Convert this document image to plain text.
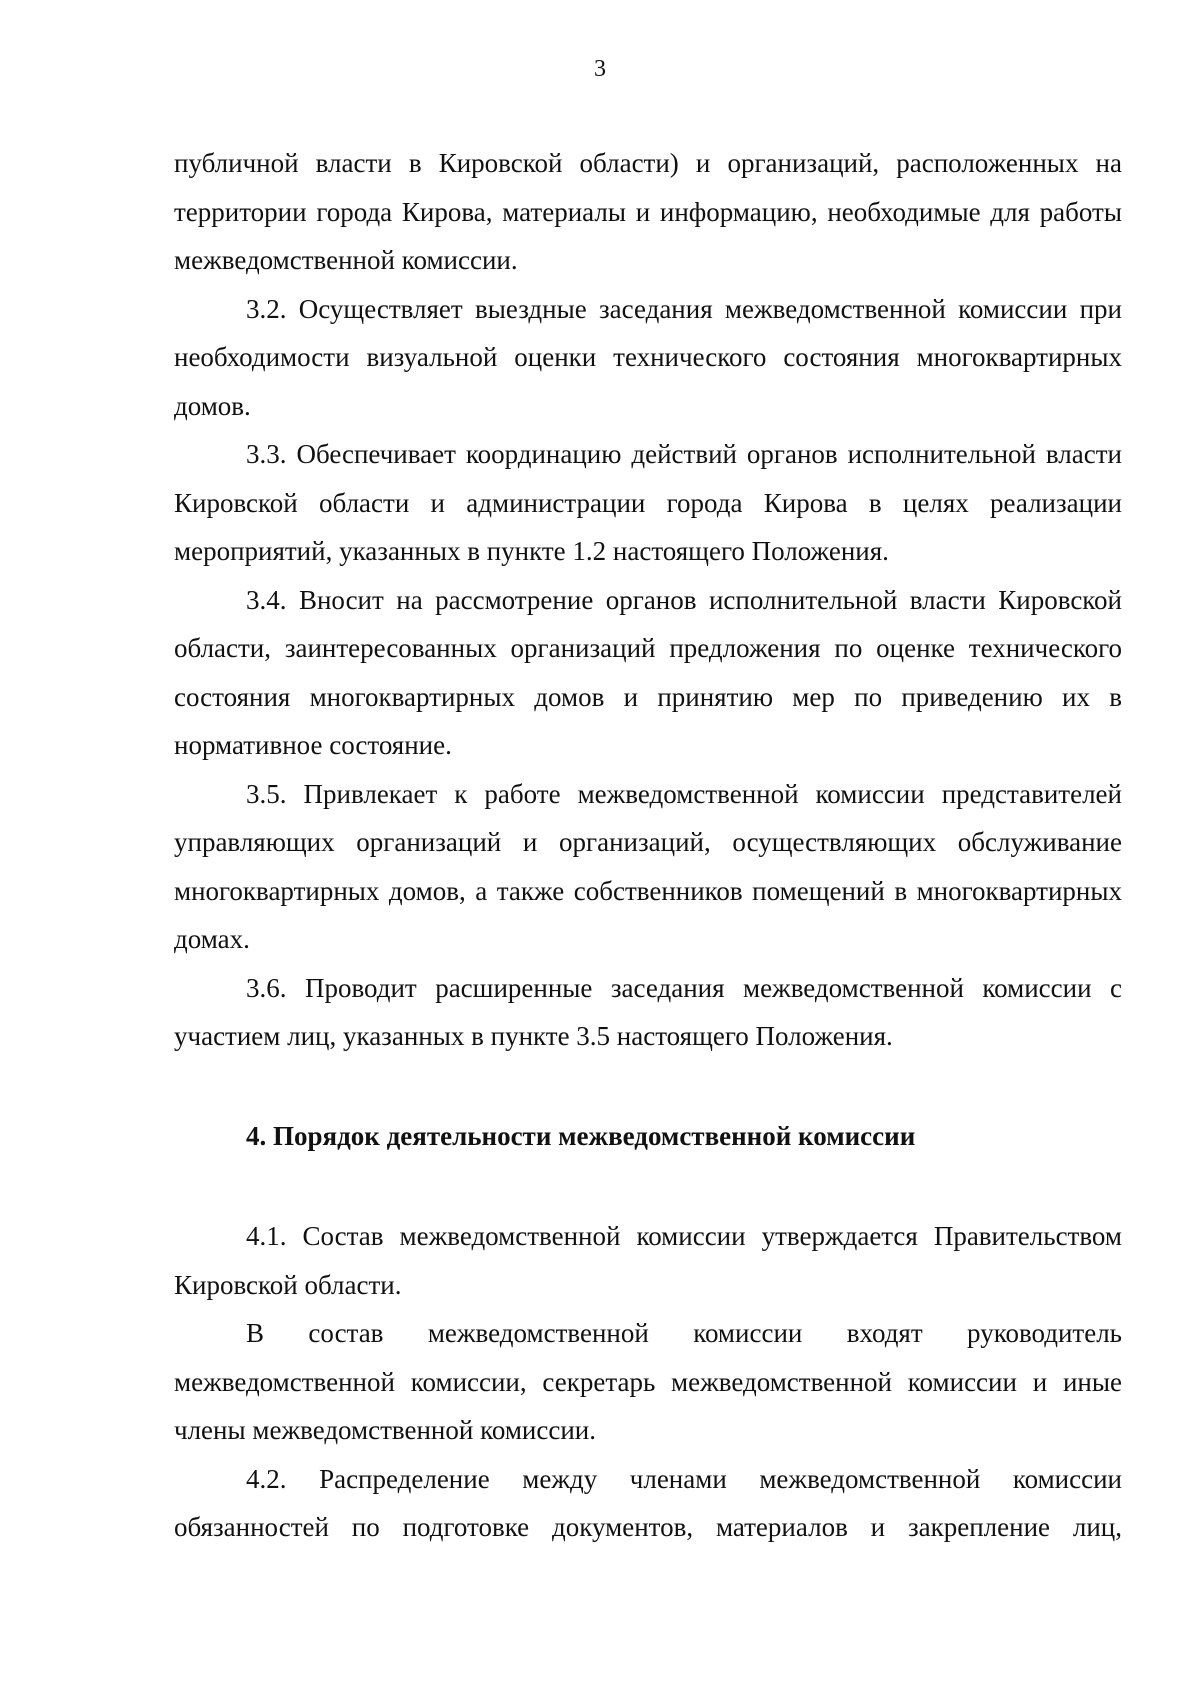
3

публичной власти в Кировской области) и организаций, расположенных на территории города Кирова, материалы и информацию, необходимые для работы межведомственной комиссии.

3.2. Осуществляет выездные заседания межведомственной комиссии при необходимости визуальной оценки технического состояния многоквартирных домов.

3.3. Обеспечивает координацию действий органов исполнительной власти Кировской области и администрации города Кирова в целях реализации мероприятий, указанных в пункте 1.2 настоящего Положения.

3.4. Вносит на рассмотрение органов исполнительной власти Кировской области, заинтересованных организаций предложения по оценке технического состояния многоквартирных домов и принятию мер по приведению их в нормативное состояние.

3.5. Привлекает к работе межведомственной комиссии представителей управляющих организаций и организаций, осуществляющих обслуживание многоквартирных домов, а также собственников помещений в многоквартирных домах.

3.6. Проводит расширенные заседания межведомственной комиссии с участием лиц, указанных в пункте 3.5 настоящего Положения.

4. Порядок деятельности межведомственной комиссии

4.1. Состав межведомственной комиссии утверждается Правительством Кировской области.

В состав межведомственной комиссии входят руководитель межведомственной комиссии, секретарь межведомственной комиссии и иные члены межведомственной комиссии.

4.2. Распределение между членами межведомственной комиссии обязанностей по подготовке документов, материалов и закрепление лиц,
